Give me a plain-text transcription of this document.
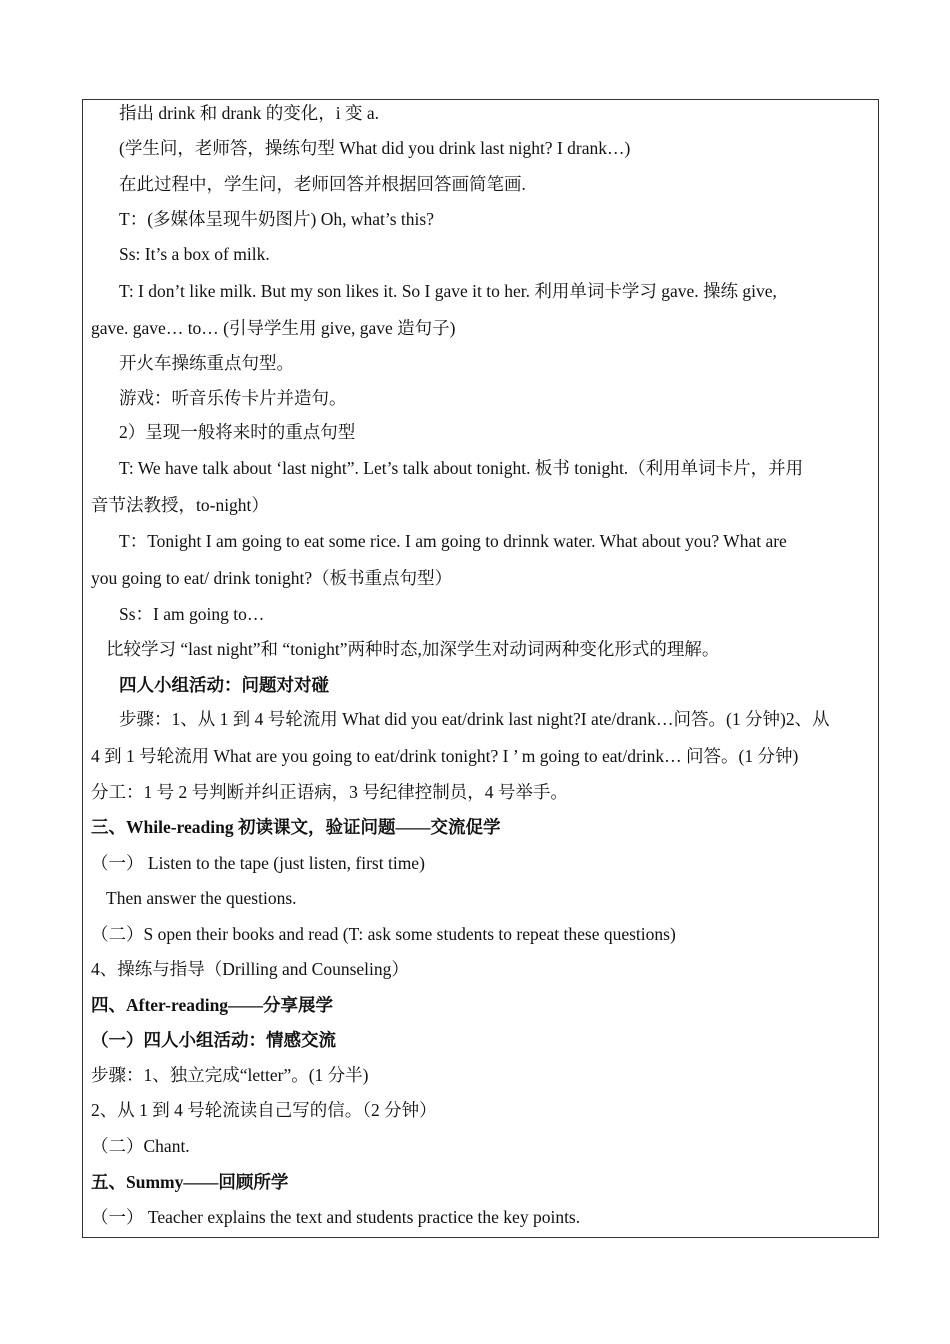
指出 drink 和 drank 的变化，i 变 a.
(学生问，老师答，操练句型 What did you drink last night? I drank…)
在此过程中，学生问，老师回答并根据回答画简笔画.
T：(多媒体呈现牛奶图片) Oh, what’s this?
Ss: It’s a box of milk.
T: I don’t like milk. But my son likes it. So I gave it to her. 利用单词卡学习 gave. 操练 give,
gave. gave… to… (引导学生用 give, gave 造句子)
开火车操练重点句型。
游戏：听音乐传卡片并造句。
2）呈现一般将来时的重点句型
T: We have talk about ‘last night”. Let’s talk about tonight. 板书 tonight.（利用单词卡片，并用
音节法教授，to-night）
T：Tonight I am going to eat some rice. I am going to drinnk water. What about you? What are
you going to eat/ drink tonight?（板书重点句型）
Ss：I am going to…
比较学习 “last night”和 “tonight”两种时态,加深学生对动词两种变化形式的理解。
四人小组活动：问题对对碰
步骤：1、从 1 到 4 号轮流用 What did you eat/drink last night?I ate/drank…问答。(1 分钟)2、从
4 到 1 号轮流用 What are you going to eat/drink tonight? I ’ m going to eat/drink… 问答。(1 分钟)
分工：1 号 2 号判断并纠正语病，3 号纪律控制员，4 号举手。
三、While-reading 初读课文，验证问题——交流促学
（一） Listen to the tape (just listen, first time)
Then answer the questions.
（二）S open their books and read (T: ask some students to repeat these questions)
4、操练与指导（Drilling and Counseling）
四、After-reading——分享展学
（一）四人小组活动：情感交流
步骤：1、独立完成“letter”。(1 分半)
2、从 1 到 4 号轮流读自己写的信。（2 分钟）
（二）Chant.
五、Summy——回顾所学
（一） Teacher explains the text and students practice the key points.
